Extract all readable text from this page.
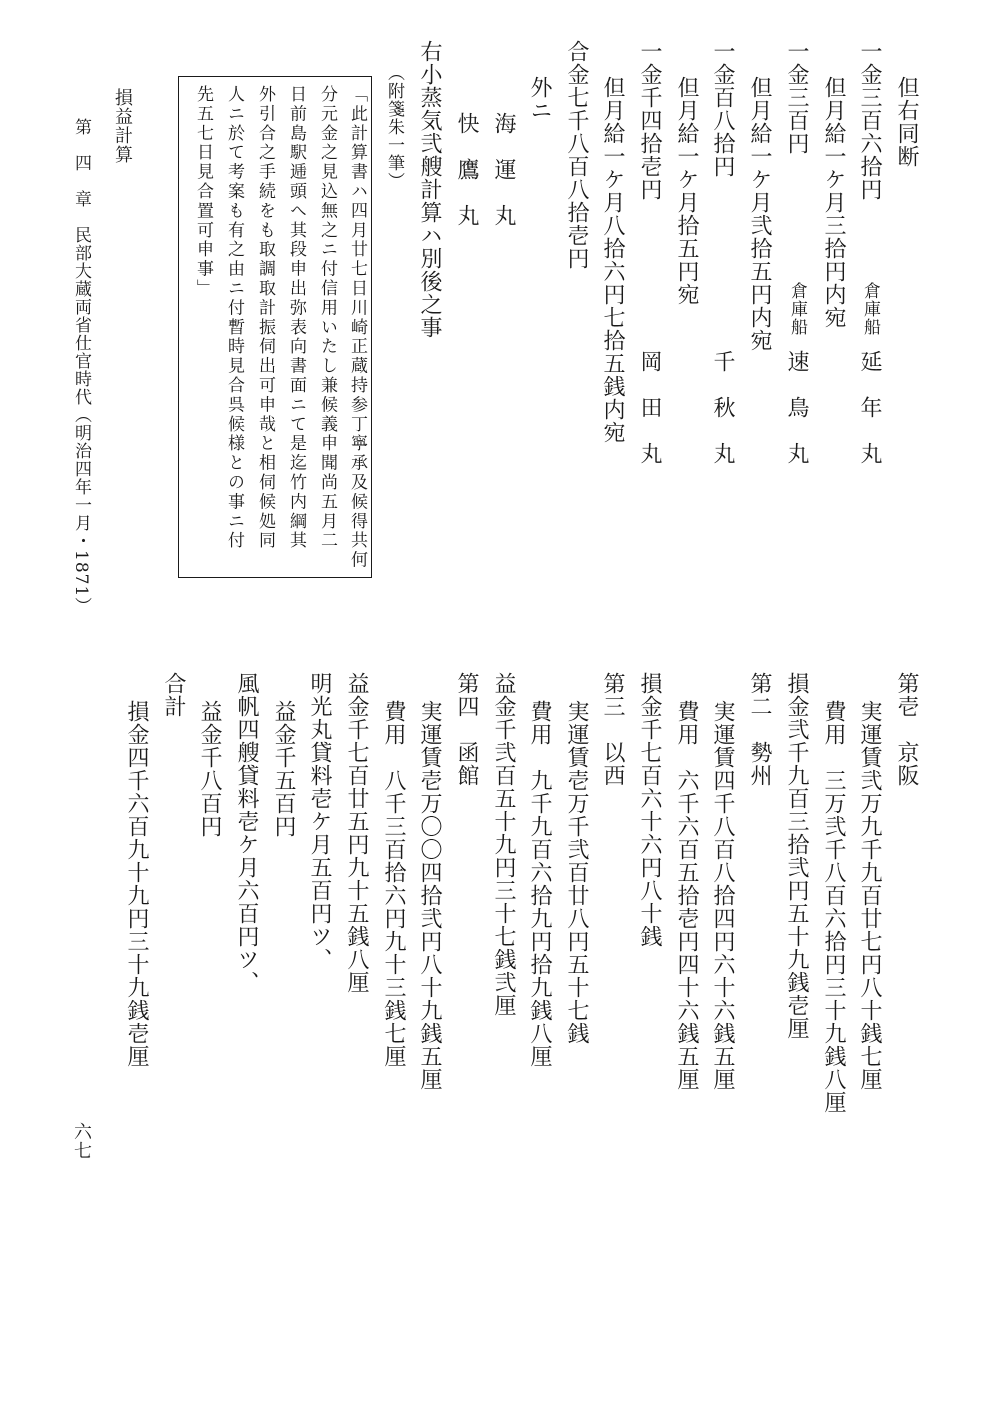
但右同断
一金三百六拾円
倉庫船
延　年　丸
但月給一ケ月三拾円内宛
一金三百円
倉庫船
速　鳥　丸
但月給一ケ月弐拾五円内宛
一金百八拾円
千　秋　丸
但月給一ケ月拾五円宛
一金千四拾壱円
岡　田　丸
但月給一ケ月八拾六円七拾五銭内宛
合金七千八百八拾壱円
外ニ
海　運　丸
快　鷹　丸
右小蒸気弐艘計算ハ別後之事
（附箋朱一筆）
「此計算書ハ四月廿七日川崎正蔵持参丁寧承及候得共何
分元金之見込無之ニ付信用いたし兼候義申聞尚五月二
日前島駅逓頭へ其段申出弥表向書面ニて是迄竹内綱其
外引合之手続をも取調取計振伺出可申哉と相伺候処同
人ニ於て考案も有之由ニ付暫時見合呉候様との事ニ付
先五七日見合置可申事」
損益計算
第　四　章　民部大蔵両省仕官時代（明治四年一月・1871）
第壱　京阪
実運賃弐万九千九百廿七円八十銭七厘
費用　三万弐千八百六拾円三十九銭八厘
損金弐千九百三拾弐円五十九銭壱厘
第二　勢州
実運賃四千八百八拾四円六十六銭五厘
費用　六千六百五拾壱円四十六銭五厘
損金千七百六十六円八十銭
第三　以西
実運賃壱万千弐百廿八円五十七銭
費用　九千九百六拾九円拾九銭八厘
益金千弐百五十九円三十七銭弐厘
第四　函館
実運賃壱万〇〇四拾弐円八十九銭五厘
費用　八千三百拾六円九十三銭七厘
益金千七百廿五円九十五銭八厘
明光丸貸料壱ケ月五百円ツ、
益金千五百円
風帆四艘貸料壱ケ月六百円ツ、
益金千八百円
合計
損金四千六百九十九円三十九銭壱厘
六七
